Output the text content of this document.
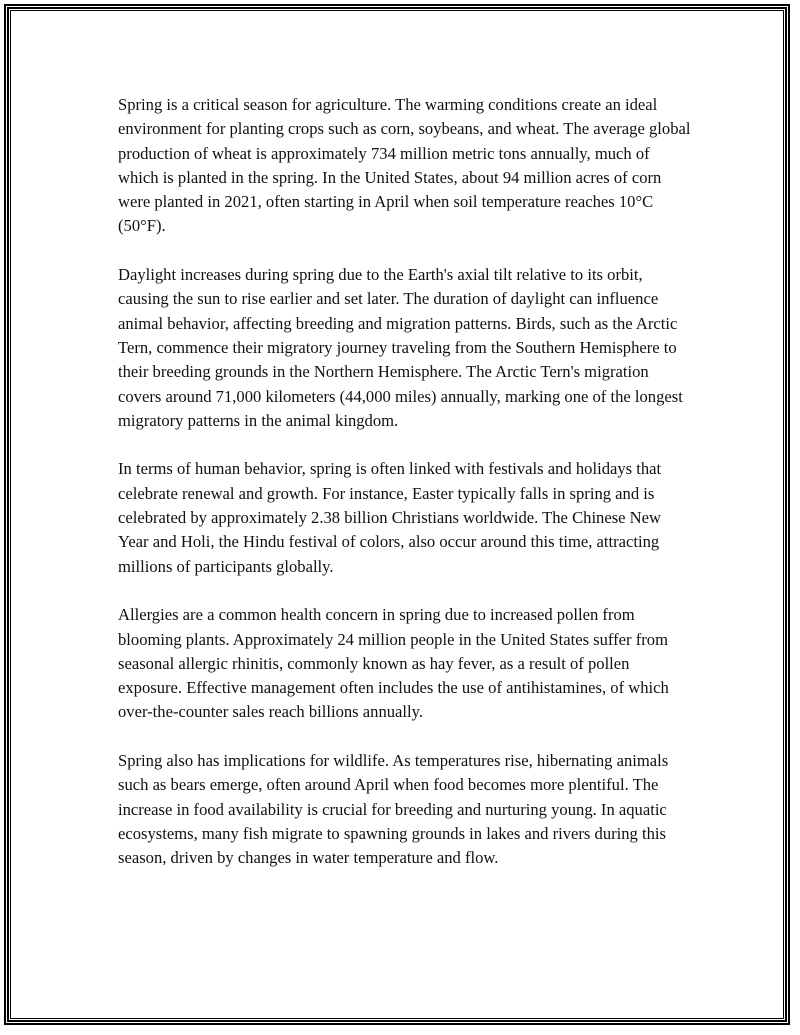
Spring is a critical season for agriculture. The warming conditions create an ideal environment for planting crops such as corn, soybeans, and wheat. The average global production of wheat is approximately 734 million metric tons annually, much of which is planted in the spring. In the United States, about 94 million acres of corn were planted in 2021, often starting in April when soil temperature reaches 10°C (50°F).

Daylight increases during spring due to the Earth's axial tilt relative to its orbit, causing the sun to rise earlier and set later. The duration of daylight can influence animal behavior, affecting breeding and migration patterns. Birds, such as the Arctic Tern, commence their migratory journey traveling from the Southern Hemisphere to their breeding grounds in the Northern Hemisphere. The Arctic Tern's migration covers around 71,000 kilometers (44,000 miles) annually, marking one of the longest migratory patterns in the animal kingdom.

In terms of human behavior, spring is often linked with festivals and holidays that celebrate renewal and growth. For instance, Easter typically falls in spring and is celebrated by approximately 2.38 billion Christians worldwide. The Chinese New Year and Holi, the Hindu festival of colors, also occur around this time, attracting millions of participants globally.

Allergies are a common health concern in spring due to increased pollen from blooming plants. Approximately 24 million people in the United States suffer from seasonal allergic rhinitis, commonly known as hay fever, as a result of pollen exposure. Effective management often includes the use of antihistamines, of which over-the-counter sales reach billions annually.

Spring also has implications for wildlife. As temperatures rise, hibernating animals such as bears emerge, often around April when food becomes more plentiful. The increase in food availability is crucial for breeding and nurturing young. In aquatic ecosystems, many fish migrate to spawning grounds in lakes and rivers during this season, driven by changes in water temperature and flow.
